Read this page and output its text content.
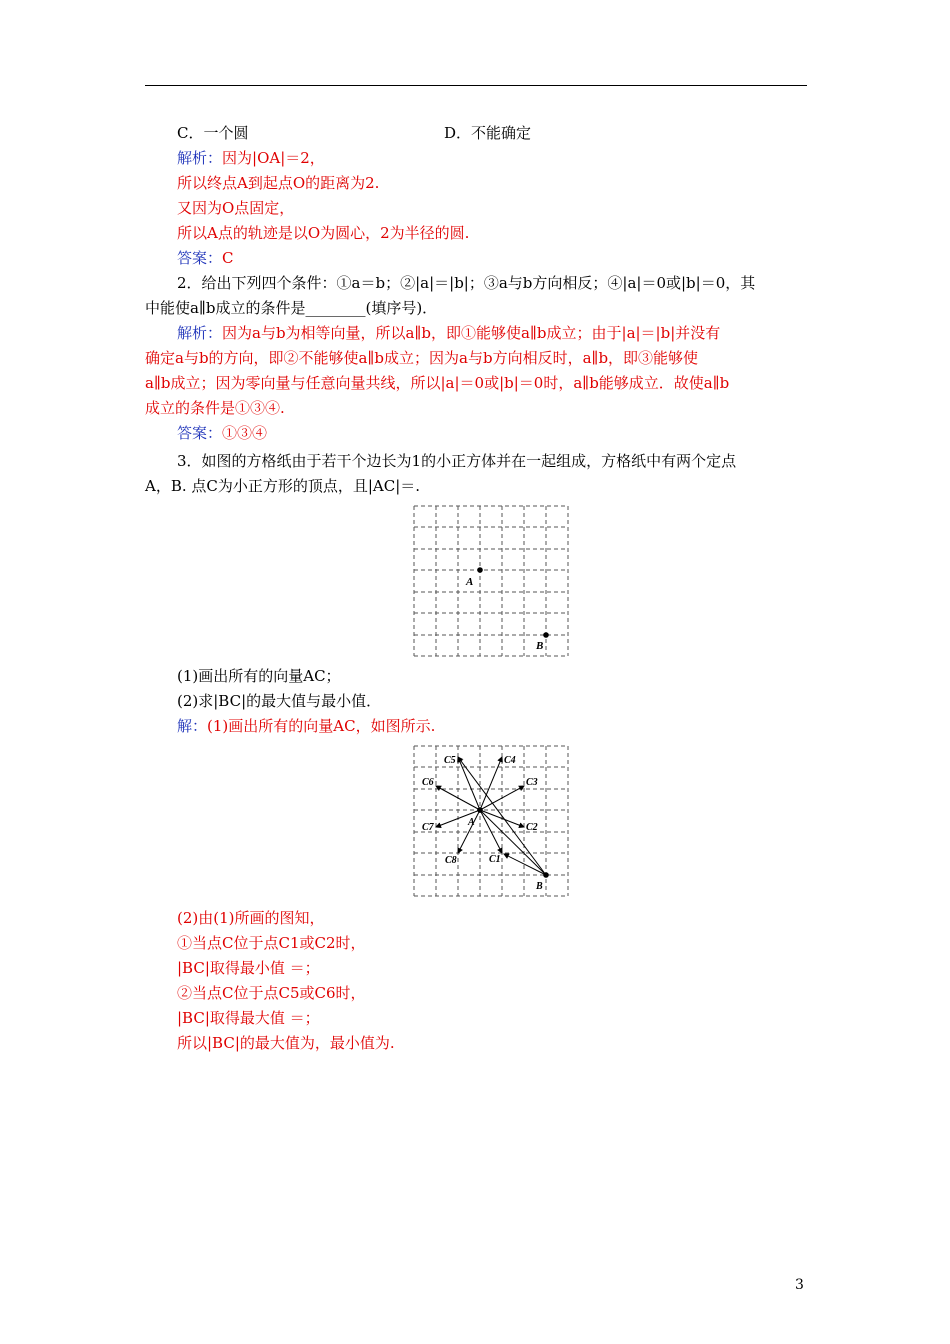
C．一个圆	D．不能确定
解析：因为|OA|＝2，
所以终点A到起点O的距离为2.
又因为O点固定，
所以A点的轨迹是以O为圆心，2为半径的圆.
答案：C
2．给出下列四个条件：①a＝b；②|a|＝|b|；③a与b方向相反；④|a|＝0或|b|＝0，其
中能使a∥b成立的条件是________(填序号)．
解析：因为a与b为相等向量，所以a∥b，即①能够使a∥b成立；由于|a|＝|b|并没有
确定a与b的方向，即②不能够使a∥b成立；因为a与b方向相反时，a∥b，即③能够使
a∥b成立；因为零向量与任意向量共线，所以|a|＝0或|b|＝0时，a∥b能够成立．故使a∥b
成立的条件是①③④.
答案：①③④
3．如图的方格纸由于若干个边长为1的小正方体并在一起组成，方格纸中有两个定点
A，B. 点C为小正方形的顶点，且|AC|＝.
A
B
(1)画出所有的向量AC；
(2)求|BC|的最大值与最小值．
解：(1)画出所有的向量AC，如图所示.
C5	C4
C6	C3
C7	A	C2
C8	C1
B
(2)由(1)所画的图知，
①当点C位于点C1或C2时，
|BC|取得最小值 ＝；
②当点C位于点C5或C6时，
|BC|取得最大值 ＝；
所以|BC|的最大值为，最小值为.
3
